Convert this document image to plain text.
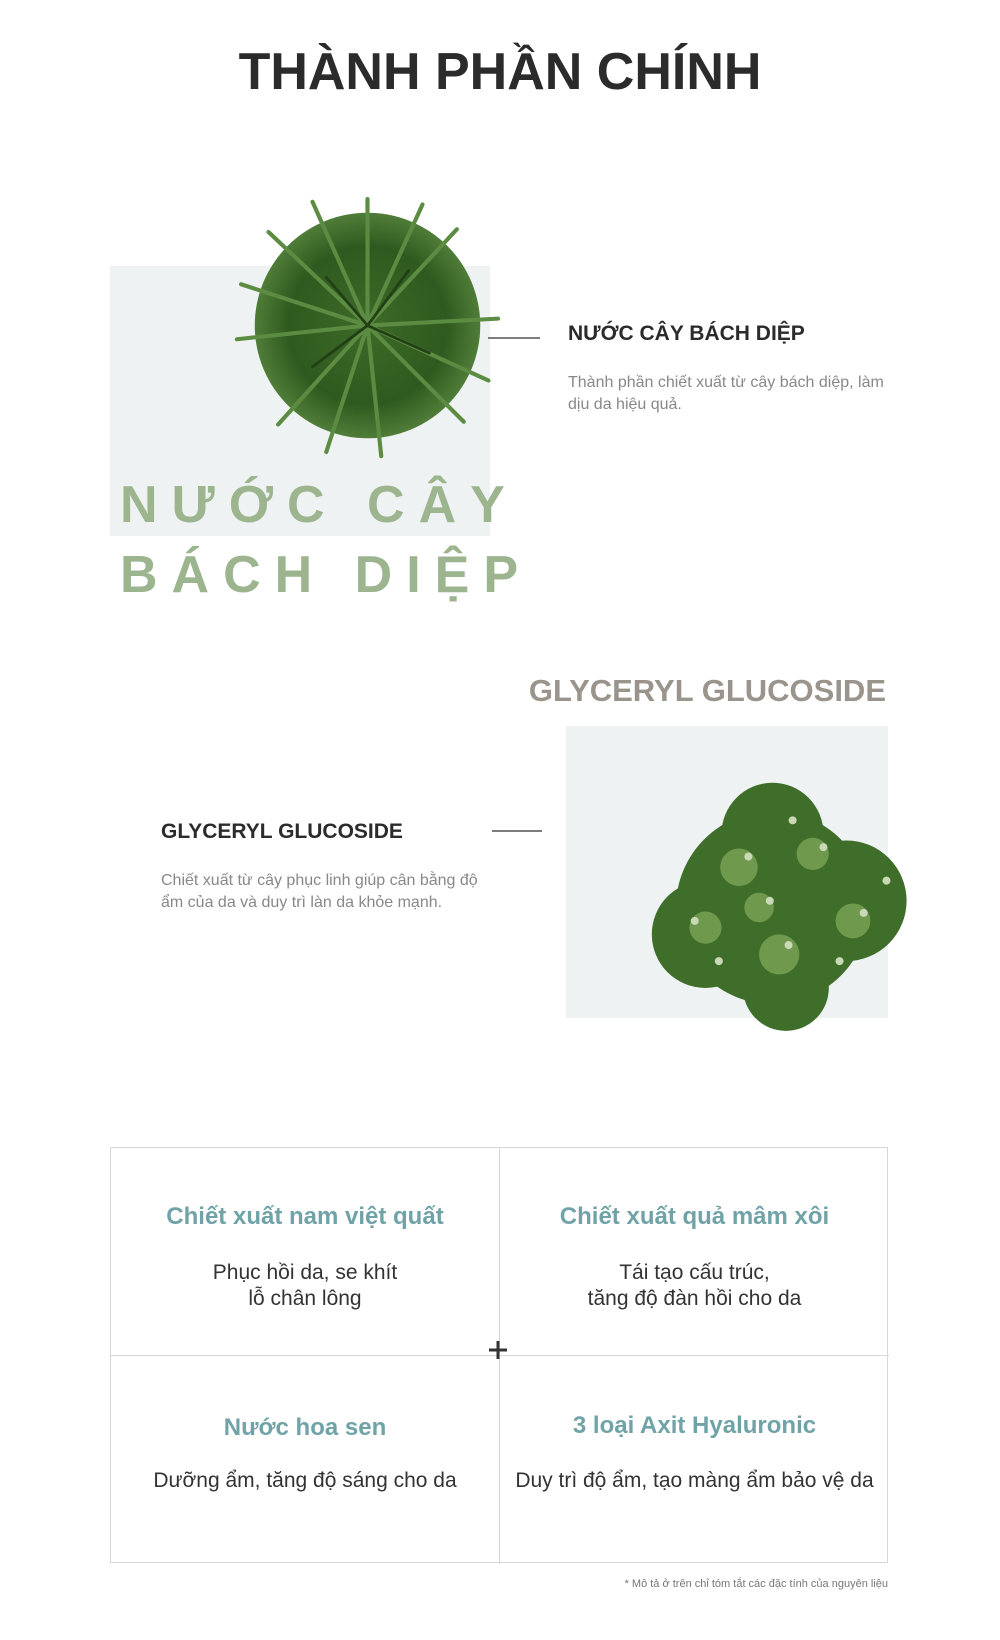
THÀNH PHẦN CHÍNH
NƯỚC CÂY
BÁCH DIỆP
NƯỚC CÂY BÁCH DIỆP
Thành phần chiết xuất từ cây bách diệp, làm dịu da hiệu quả.
GLYCERYL GLUCOSIDE
GLYCERYL GLUCOSIDE
Chiết xuất từ cây phục linh giúp cân bằng độ ẩm của da và duy trì làn da khỏe mạnh.
Chiết xuất nam việt quất
Phục hồi da, se khít
lỗ chân lông
Chiết xuất quả mâm xôi
Tái tạo cấu trúc,
tăng độ đàn hồi cho da
Nước hoa sen
Dưỡng ẩm, tăng độ sáng cho da
3 loại Axit Hyaluronic
Duy trì độ ẩm, tạo màng ẩm bảo vệ da
* Mô tả ở trên chỉ tóm tắt các đặc tính của nguyên liệu
